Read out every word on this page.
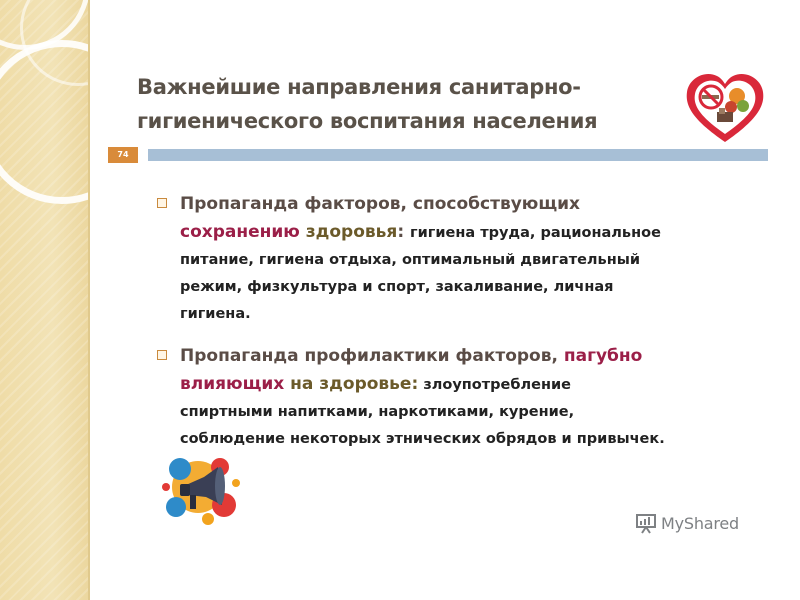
Важнейшие направления санитарно-
гигиенического воспитания населения
74
Пропаганда факторов, способствующих
сохранению здоровья: гигиена труда, рациональное
питание, гигиена отдыха, оптимальный двигательный
режим, физкультура и спорт, закаливание, личная
гигиена.
Пропаганда профилактики факторов, пагубно
влияющих на здоровье: злоупотребление
спиртными напитками, наркотиками, курение,
соблюдение некоторых этнических обрядов и привычек.
MyShared
